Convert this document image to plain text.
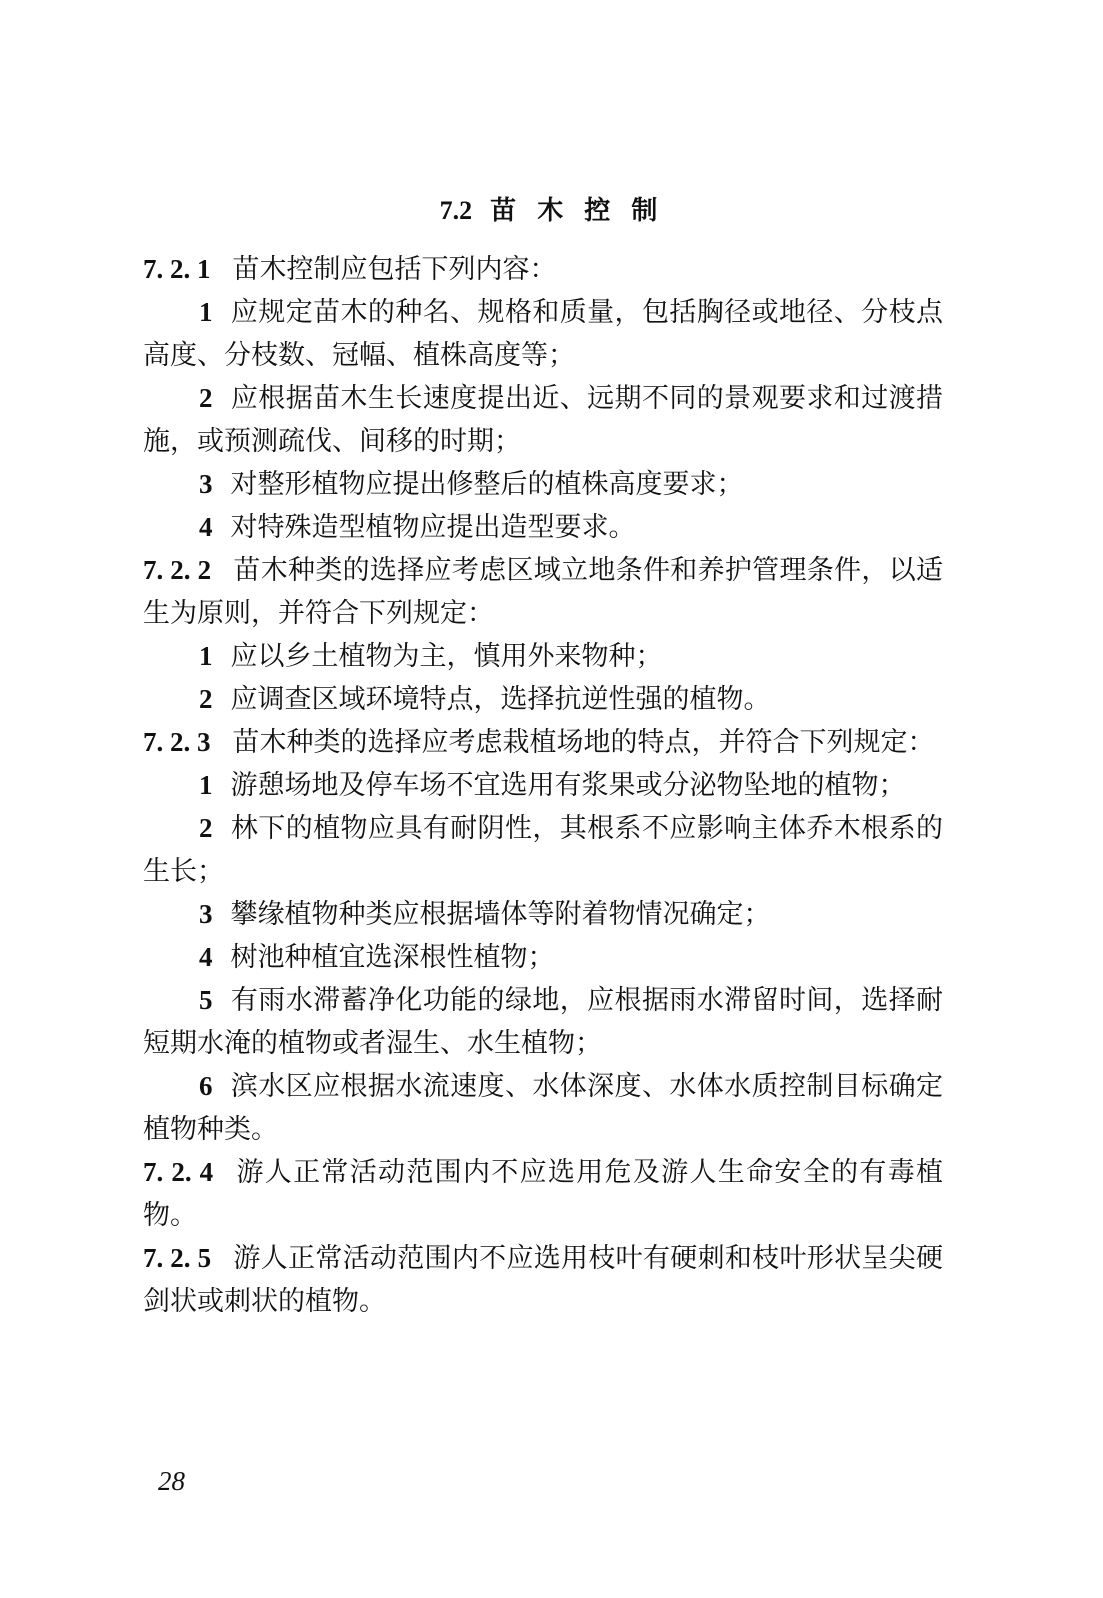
7.2 苗 木 控 制

7. 2. 1 苗木控制应包括下列内容：

1 应规定苗木的种名、规格和质量，包括胸径或地径、分枝点高度、分枝数、冠幅、植株高度等；

2 应根据苗木生长速度提出近、远期不同的景观要求和过渡措施，或预测疏伐、间移的时期；

3 对整形植物应提出修整后的植株高度要求；

4 对特殊造型植物应提出造型要求。

7. 2. 2 苗木种类的选择应考虑区域立地条件和养护管理条件，以适生为原则，并符合下列规定：

1 应以乡土植物为主，慎用外来物种；

2 应调查区域环境特点，选择抗逆性强的植物。

7. 2. 3 苗木种类的选择应考虑栽植场地的特点，并符合下列规定：

1 游憩场地及停车场不宜选用有浆果或分泌物坠地的植物；

2 林下的植物应具有耐阴性，其根系不应影响主体乔木根系的生长；

3 攀缘植物种类应根据墙体等附着物情况确定；

4 树池种植宜选深根性植物；

5 有雨水滞蓄净化功能的绿地，应根据雨水滞留时间，选择耐短期水淹的植物或者湿生、水生植物；

6 滨水区应根据水流速度、水体深度、水体水质控制目标确定植物种类。

7. 2. 4 游人正常活动范围内不应选用危及游人生命安全的有毒植物。

7. 2. 5 游人正常活动范围内不应选用枝叶有硬刺和枝叶形状呈尖硬剑状或刺状的植物。

28
